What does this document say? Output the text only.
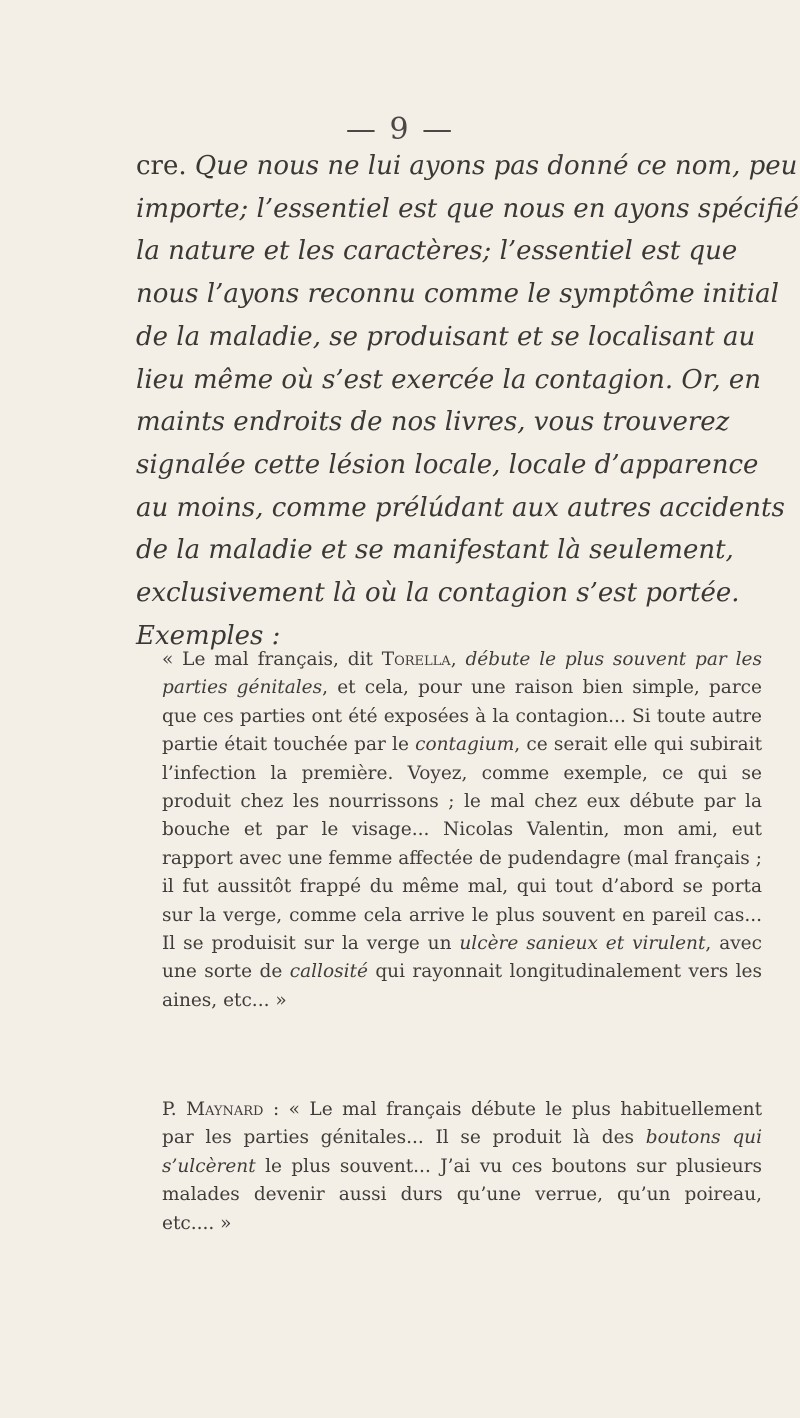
— 9 —
cre. Que nous ne lui ayons pas donné ce nom, peu
importe; l’essentiel est que nous en ayons spécifié
la nature et les caractères; l’essentiel est que
nous l’ayons reconnu comme le symptôme initial
de la maladie, se produisant et se localisant au
lieu même où s’est exercée la contagion. Or, en
maints endroits de nos livres, vous trouverez
signalée cette lésion locale, locale d’apparence
au moins, comme prélúdant aux autres accidents
de la maladie et se manifestant là seulement,
exclusivement là où la contagion s’est portée.
Exemples :
« Le mal français, dit Torella, débute le plus souvent par les parties génitales, et cela, pour une raison bien simple, parce que ces parties ont été exposées à la contagion... Si toute autre partie était touchée par le contagium, ce serait elle qui subirait l’infection la première. Voyez, comme exemple, ce qui se produit chez les nourrissons ; le mal chez eux débute par la bouche et par le visage... Nicolas Valentin, mon ami, eut rapport avec une femme affectée de pudendagre (mal français ; il fut aussitôt frappé du même mal, qui tout d’abord se porta sur la verge, comme cela arrive le plus souvent en pareil cas... Il se produisit sur la verge un ulcère sanieux et virulent, avec une sorte de callosité qui rayonnait longitudinalement vers les aines, etc... »
P. Maynard : « Le mal français débute le plus habituellement par les parties génitales... Il se produit là des boutons qui s’ulcèrent le plus souvent... J’ai vu ces boutons sur plusieurs malades devenir aussi durs qu’une verrue, qu’un poireau, etc.... »
